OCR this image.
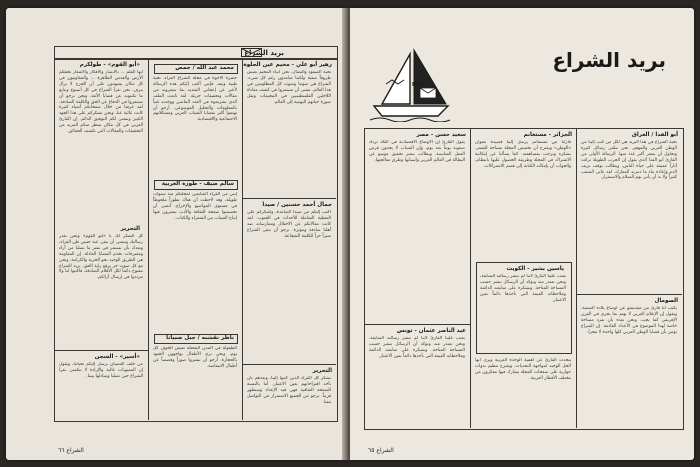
بريد الشراع
زهير أبو علي - مخيم عين الحلوة
تحية الصمود والنضال، نحن أبناء المخيم نعيش ظروفاً صعبة ولكننا صامدون رغم كل شيء. الشراع هي صوتنا وصوت كل المظلومين في هذا العالم. نتمنى أن تستمروا في كشف معاناة اللاجئين الفلسطينيين في المخيمات ونقل صورة حياتهم اليومية إلى العالم.
جمال أحمد حسنين / صيدا
أكتب إليكم من صيدا الصامدة، وأشكركم على التغطية الشاملة للأحداث في الجنوب. لقد كانت مقالاتكم عن الاحتلال وممارساته ضد أهلنا صادقة ومؤثرة. نرجو أن تبقى الشراع منبراً حراً للكلمة الشجاعة.
التحرير
نشكر كل القراء الذين كتبوا إلينا، ونعدهم بأن نأخذ اقتراحاتهم بعين الاعتبار. أما بالنسبة للصفحة الثقافية فهي قيد الإعداد وستظهر قريباً. نرجو من الجميع الاستمرار في التواصل معنا.
محمد عبد الله / حمص
حضرة الأخوة في مجلة الشراع الغراء، تحية طيبة وبعد، فإنني أكتب إليكم هذه الرسالة لأعبر عن إعجابي الشديد بما تنشرونه من مقالات وتحقيقات جريئة. لقد تابعت الملف الذي نشرتموه في العدد الماضي ووجدته غنياً بالمعلومات والتحليل الموضوعي. أرجو أن تهتموا أكثر بقضايا الشباب العربي ومشكلاتهم الاجتماعية والاقتصادية.
سالم ضيف - طوزة الغربية
إنني من القراء المتابعين لمجلتكم منذ سنوات طويلة، وقد لاحظت أن هناك تطوراً ملحوظاً في مستوى المواضيع والإخراج. أتمنى أن تخصصوا صفحة للثقافة والأدب تنشرون فيها إنتاج الشباب من الشعراء والكتاب.
ناظر نقشبه / جبل صبيانا
الطفولة في المدن المحتلة تعيش الخوف كل يوم، ونحن نرى الأطفال يواجهون الجنود بالحجارة. أرجو أن تنشروا صوراً وقصصاً عن أطفال الانتفاضة.
«أبو القوم» - طولكرم
أيها القلم ... بالأبصار والأفكار والأشعار تحتلكم الأرض والقدس الطاهرة ... والمقاومون في كل مكان يشهدون على أن الجرح لا يزال ينزف. نحن نقرأ الشراع في كل أسبوع ونتابع ما تكتبونه عن قضايا الأمة، ونحن نرجو أن تستمروا في الدفاع عن الحق والكلمة الصادقة. لقد عرفنا من خلال صفحاتكم أشياء كثيرة كانت غائبة عنا، ونحن نشكركم على هذا الجهد الكبير ونتمنى لكم التوفيق الدائم. إن القارئ العربي في كل مكان ينتظر منكم المزيد من التحقيقات والمقالات التي تكشف الحقائق.
التحرير
كل الشكر لك يا «أبو القوم» ونحن نقدر رسالتك ونتمنى أن نبقى عند حسن ظن القراء، ونعدك بأن نستمر في نشر ما يصلنا من آراء ومقترحات تخدم القضايا العادلة. إن المقاومة هي الطريق الوحيد نحو الحرية والكرامة، ونحن مع كل صوت حر يرفع راية الحق. بريد الشراع مفتوح دائماً لكل الأقلام الصادقة، فاكتبوا لنا ولا تترددوا في إرسال آرائكم.
«أسير» - السجن
من خلف القضبان نرسل إليكم تحياتنا، ونقول إن المعنويات عالية والإرادة لا تنكسر. نقرأ الشراع حين تصلنا ونتبادلها بيننا.
الشراع ٦٦
بريد الشراع
MAIL
أبو الفدا / العراق
تحية الشراع في هذا البريد هي لكل من كتب إلينا من الوطن العربي والمهجر. نحن نتلقى رسائل كثيرة ونحاول أن ننشر أكبر عدد منها. الرسالة الأولى من القارئ أبو الفدا الذي يقول إن الحرب الطويلة تركت آثاراً عميقة على حياة الناس، ويطالب بوقف نزيف الدم وإعادة بناء ما دمرته المعارك. لقد عانى الشعب كثيراً ولا بد أن يأتي يوم السلام والاستقرار.
الصومال
يكتب لنا قارئ من مقديشو عن أوضاع بلاده الصعبة، ويقول إن الإعلام العربي لا يهتم بما يجري في القرن الإفريقي كما يجب. ونحن نعده بأن نفرد مساحة خاصة لهذا الموضوع في الأعداد القادمة. إن الشراع تؤمن بأن قضايا الوطن العربي كلها واحدة لا تتجزأ.
الجزائر - مستغانم
قارئنا من مستغانم يرسل إلينا قصيدة بعنوان «الوطن» ويقترح أن تخصص المجلة مساحة للشعر. نشكره ونرحب بمساهمته. كما يسألنا عن إمكانية الاشتراك في المجلة وطريقة الحصول عليها بانتظام، والجواب أن بإمكانه الكتابة إلى قسم الاشتراكات.
ياسين بشير - الكويت
يعتب علينا القارئ لأننا لم ننشر رسالته السابقة، ونحن نعتذر منه ونؤكد أن الرسائل تنشر حسب المساحة المتاحة. ونشكره على متابعته الدائمة وملاحظاته القيمة التي نأخذها دائماً بعين الاعتبار.
يتحدث القارئ عن أهمية الوحدة العربية ويرى أنها الحل الوحيد لمواجهة التحديات. ويقترح تنظيم ندوات حوارية على صفحات المجلة يشارك فيها مفكرون من مختلف الأقطار العربية.
سعيد حسن - مصر
يقول القارئ إن الأوضاع الاقتصادية في البلاد تزداد صعوبة يوماً بعد يوم، وإن الشباب لا يجدون فرص العمل المناسبة. ويطالب بنشر تحقيق موسع عن البطالة في العالم العربي وأسبابها وطرق معالجتها.
عبد الناصر عثمان - تونس
يعتب علينا القارئ لأننا لم ننشر رسالته السابقة، ونحن نعتذر منه ونؤكد أن الرسائل تنشر حسب المساحة المتاحة. ونشكره على متابعته الدائمة وملاحظاته القيمة التي نأخذها دائماً بعين الاعتبار.
الشراع ٦٥
